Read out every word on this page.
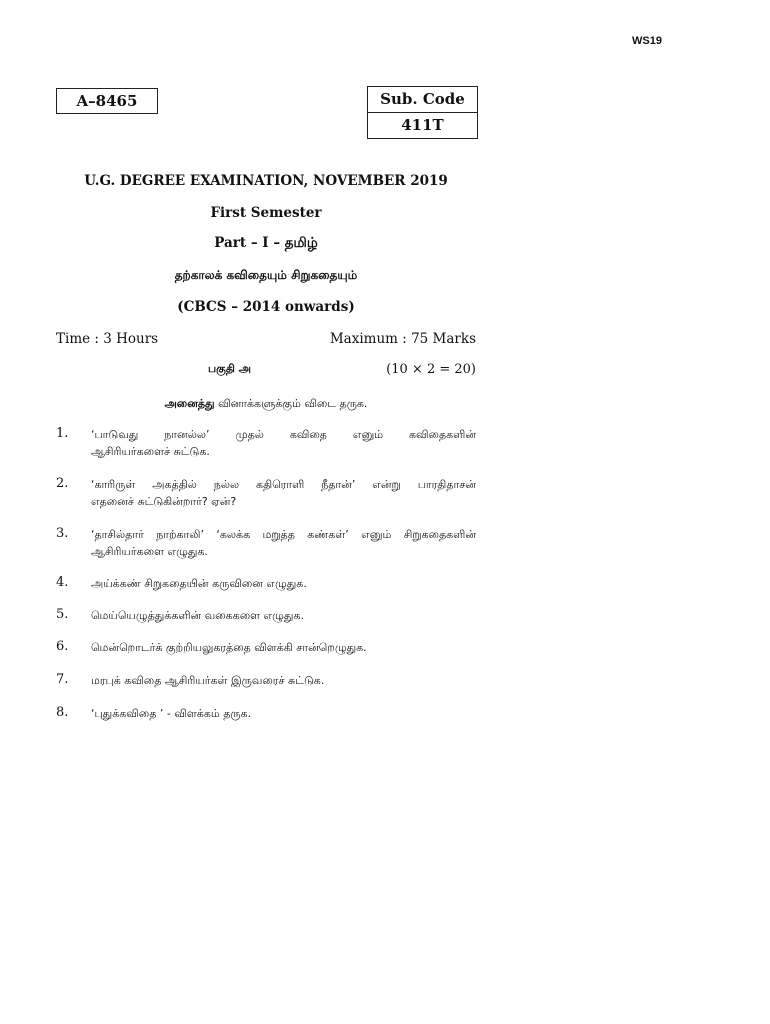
WS19
A–8465	Sub. Code
411T
U.G. DEGREE EXAMINATION, NOVEMBER 2019
First Semester
Part – I – தமிழ்
தற்காலக் கவிதையும் சிறுகதையும்
(CBCS – 2014 onwards)
Time : 3 Hours	Maximum : 75 Marks
பகுதி அ	(10 × 2 = 20)
அனைத்து வினாக்களுக்கும் விடை தருக.
1. ‘பாடுவது நானல்ல’ முதல் கவிதை எனும் கவிதைகளின்
ஆசிரியர்களைச் சுட்டுக.
2. ‘காரிருள் அகத்தில் நல்ல கதிரொளி நீதான்’ என்று பாரதிதாசன்
எதனைச் சுட்டுகின்றார்? ஏன்?
3. ‘தாசில்தார் நாற்காலி’ ‘கலக்க மறுத்த கண்கள்’ எனும் சிறுகதைகளின்
ஆசிரியர்களை எழுதுக.
4. அய்க்கண் சிறுகதையின் கருவினை எழுதுக.
5. மெய்யெழுத்துக்களின் வகைகளை எழுதுக.
6. மென்றொடர்க் குற்றியலுகரத்தை விளக்கி சான்றெழுதுக.
7. மரபுக் கவிதை ஆசிரியர்கள் இருவரைச் சுட்டுக.
8. ‘புதுக்கவிதை ’ - விளக்கம் தருக.
